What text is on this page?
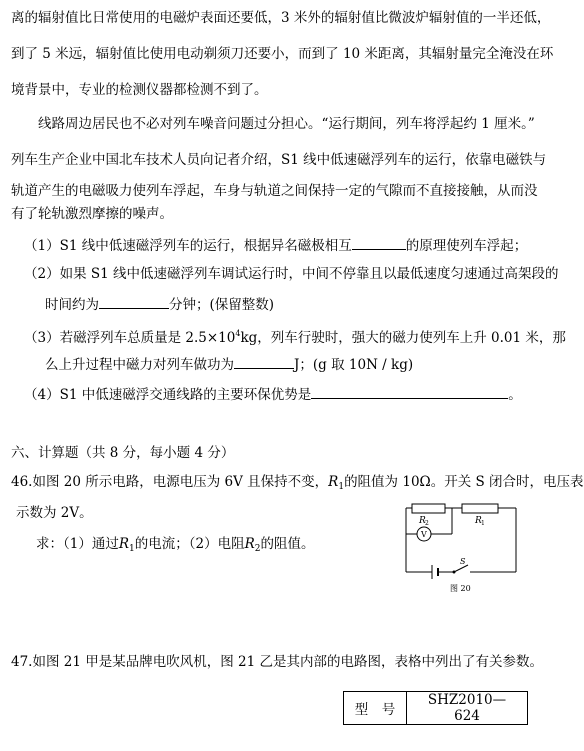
离的辐射值比日常使用的电磁炉表面还要低，3 米外的辐射值比微波炉辐射值的一半还低，
到了 5 米远，辐射值比使用电动剃须刀还要小，而到了 10 米距离，其辐射量完全淹没在环
境背景中，专业的检测仪器都检测不到了。
线路周边居民也不必对列车噪音问题过分担心。“运行期间，列车将浮起约 1 厘米。”
列车生产企业中国北车技术人员向记者介绍，S1 线中低速磁浮列车的运行，依靠电磁铁与
轨道产生的电磁吸力使列车浮起，车身与轨道之间保持一定的气隙而不直接接触，从而没
有了轮轨激烈摩擦的噪声。
（1）S1 线中低速磁浮列车的运行，根据异名磁极相互	的原理使列车浮起；
（2）如果 S1 线中低速磁浮列车调试运行时，中间不停靠且以最低速度匀速通过高架段的
时间约为	分钟；(保留整数)
（3）若磁浮列车总质量是 $2.5\times 10^4kg$，列车行驶时，强大的磁力使列车上升 0.01 米，那
么上升过程中磁力对列车做功为	J；(g 取 10N / kg)
（4）S1 中低速磁浮交通线路的主要环保优势是	。
六、计算题（共 8 分，每小题 4 分）
46.如图 20 所示电路，电源电压为 6V 且保持不变，$R_1$的阻值为 10Ω。开关 S 闭合时，电压表
示数为 2V。
求：（1）通过$R_1$的电流；（2）电阻$R_2$的阻值。
R 2	R 1
V
S
图 20
47.如图 21 甲是某品牌电吹风机，图 21 乙是其内部的电路图，表格中列出了有关参数。
型　号	SHZ2010—624
